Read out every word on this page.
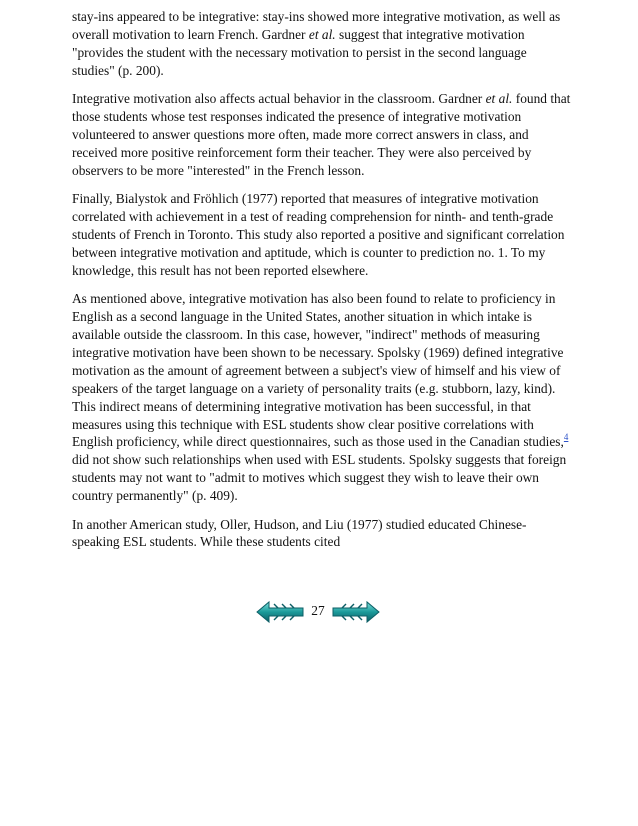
stay-ins appeared to be integrative: stay-ins showed more integrative motivation, as well as overall motivation to learn French. Gardner et al. suggest that integrative motivation "provides the student with the necessary motivation to persist in the second language studies" (p. 200).

Integrative motivation also affects actual behavior in the classroom. Gardner et al. found that those students whose test responses indicated the presence of integrative motivation volunteered to answer questions more often, made more correct answers in class, and received more positive reinforcement form their teacher. They were also perceived by observers to be more "interested" in the French lesson.

Finally, Bialystok and Fröhlich (1977) reported that measures of integrative motivation correlated with achievement in a test of reading comprehension for ninth- and tenth-grade students of French in Toronto. This study also reported a positive and significant correlation between integrative motivation and aptitude, which is counter to prediction no. 1. To my knowledge, this result has not been reported elsewhere.

As mentioned above, integrative motivation has also been found to relate to proficiency in English as a second language in the United States, another situation in which intake is available outside the classroom. In this case, however, "indirect" methods of measuring integrative motivation have been shown to be necessary. Spolsky (1969) defined integrative motivation as the amount of agreement between a subject's view of himself and his view of speakers of the target language on a variety of personality traits (e.g. stubborn, lazy, kind). This indirect means of determining integrative motivation has been successful, in that measures using this technique with ESL students show clear positive correlations with English proficiency, while direct questionnaires, such as those used in the Canadian studies,$^4$ did not show such relationships when used with ESL students. Spolsky suggests that foreign students may not want to "admit to motives which suggest they wish to leave their own country permanently" (p. 409).

In another American study, Oller, Hudson, and Liu (1977) studied educated Chinese-speaking ESL students. While these students cited

27
